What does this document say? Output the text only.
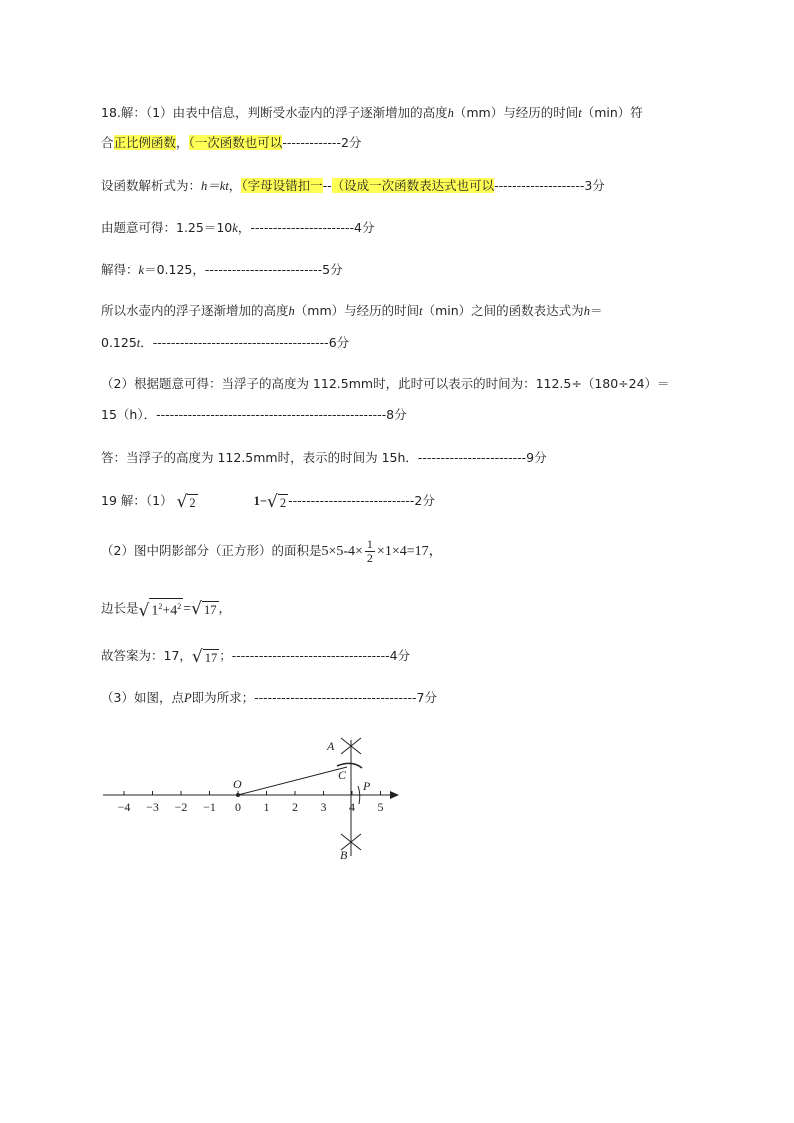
18.解：（1）由表中信息，判断受水壶内的浮子逐渐增加的高度h（mm）与经历的时间t（min）符
合正比例函数，（一次函数也可以-------------2分
设函数解析式为：h＝kt，（字母设错扣一--（设成一次函数表达式也可以--------------------3分
由题意可得：1.25＝10k，-----------------------4分
解得：k＝0.125，--------------------------5分
所以水壶内的浮子逐渐增加的高度h（mm）与经历的时间t（min）之间的函数表达式为h＝
0.125t．---------------------------------------6分
（2）根据题意可得：当浮子的高度为 112.5mm时，此时可以表示的时间为：112.5÷（180÷24）＝
15（h）．---------------------------------------------------8分
答：当浮子的高度为 112.5mm时，表示的时间为 15h．------------------------9分
19 解：（1） √ 2	1− √ 2 ----------------------------2分
（2）图中阴影部分（正方形）的面积是$5\times 5-4\times \frac{1}{2} \times 1\times 4=17$，
边长是 √ $1^2+4^2$ = √ 17 ，
故答案为：17， √ 17 ；-----------------------------------4分
（3）如图，点P即为所求；------------------------------------7分
−4 −3 −2 −1 0 1 2 3 4 5
O
A
C
P
B
